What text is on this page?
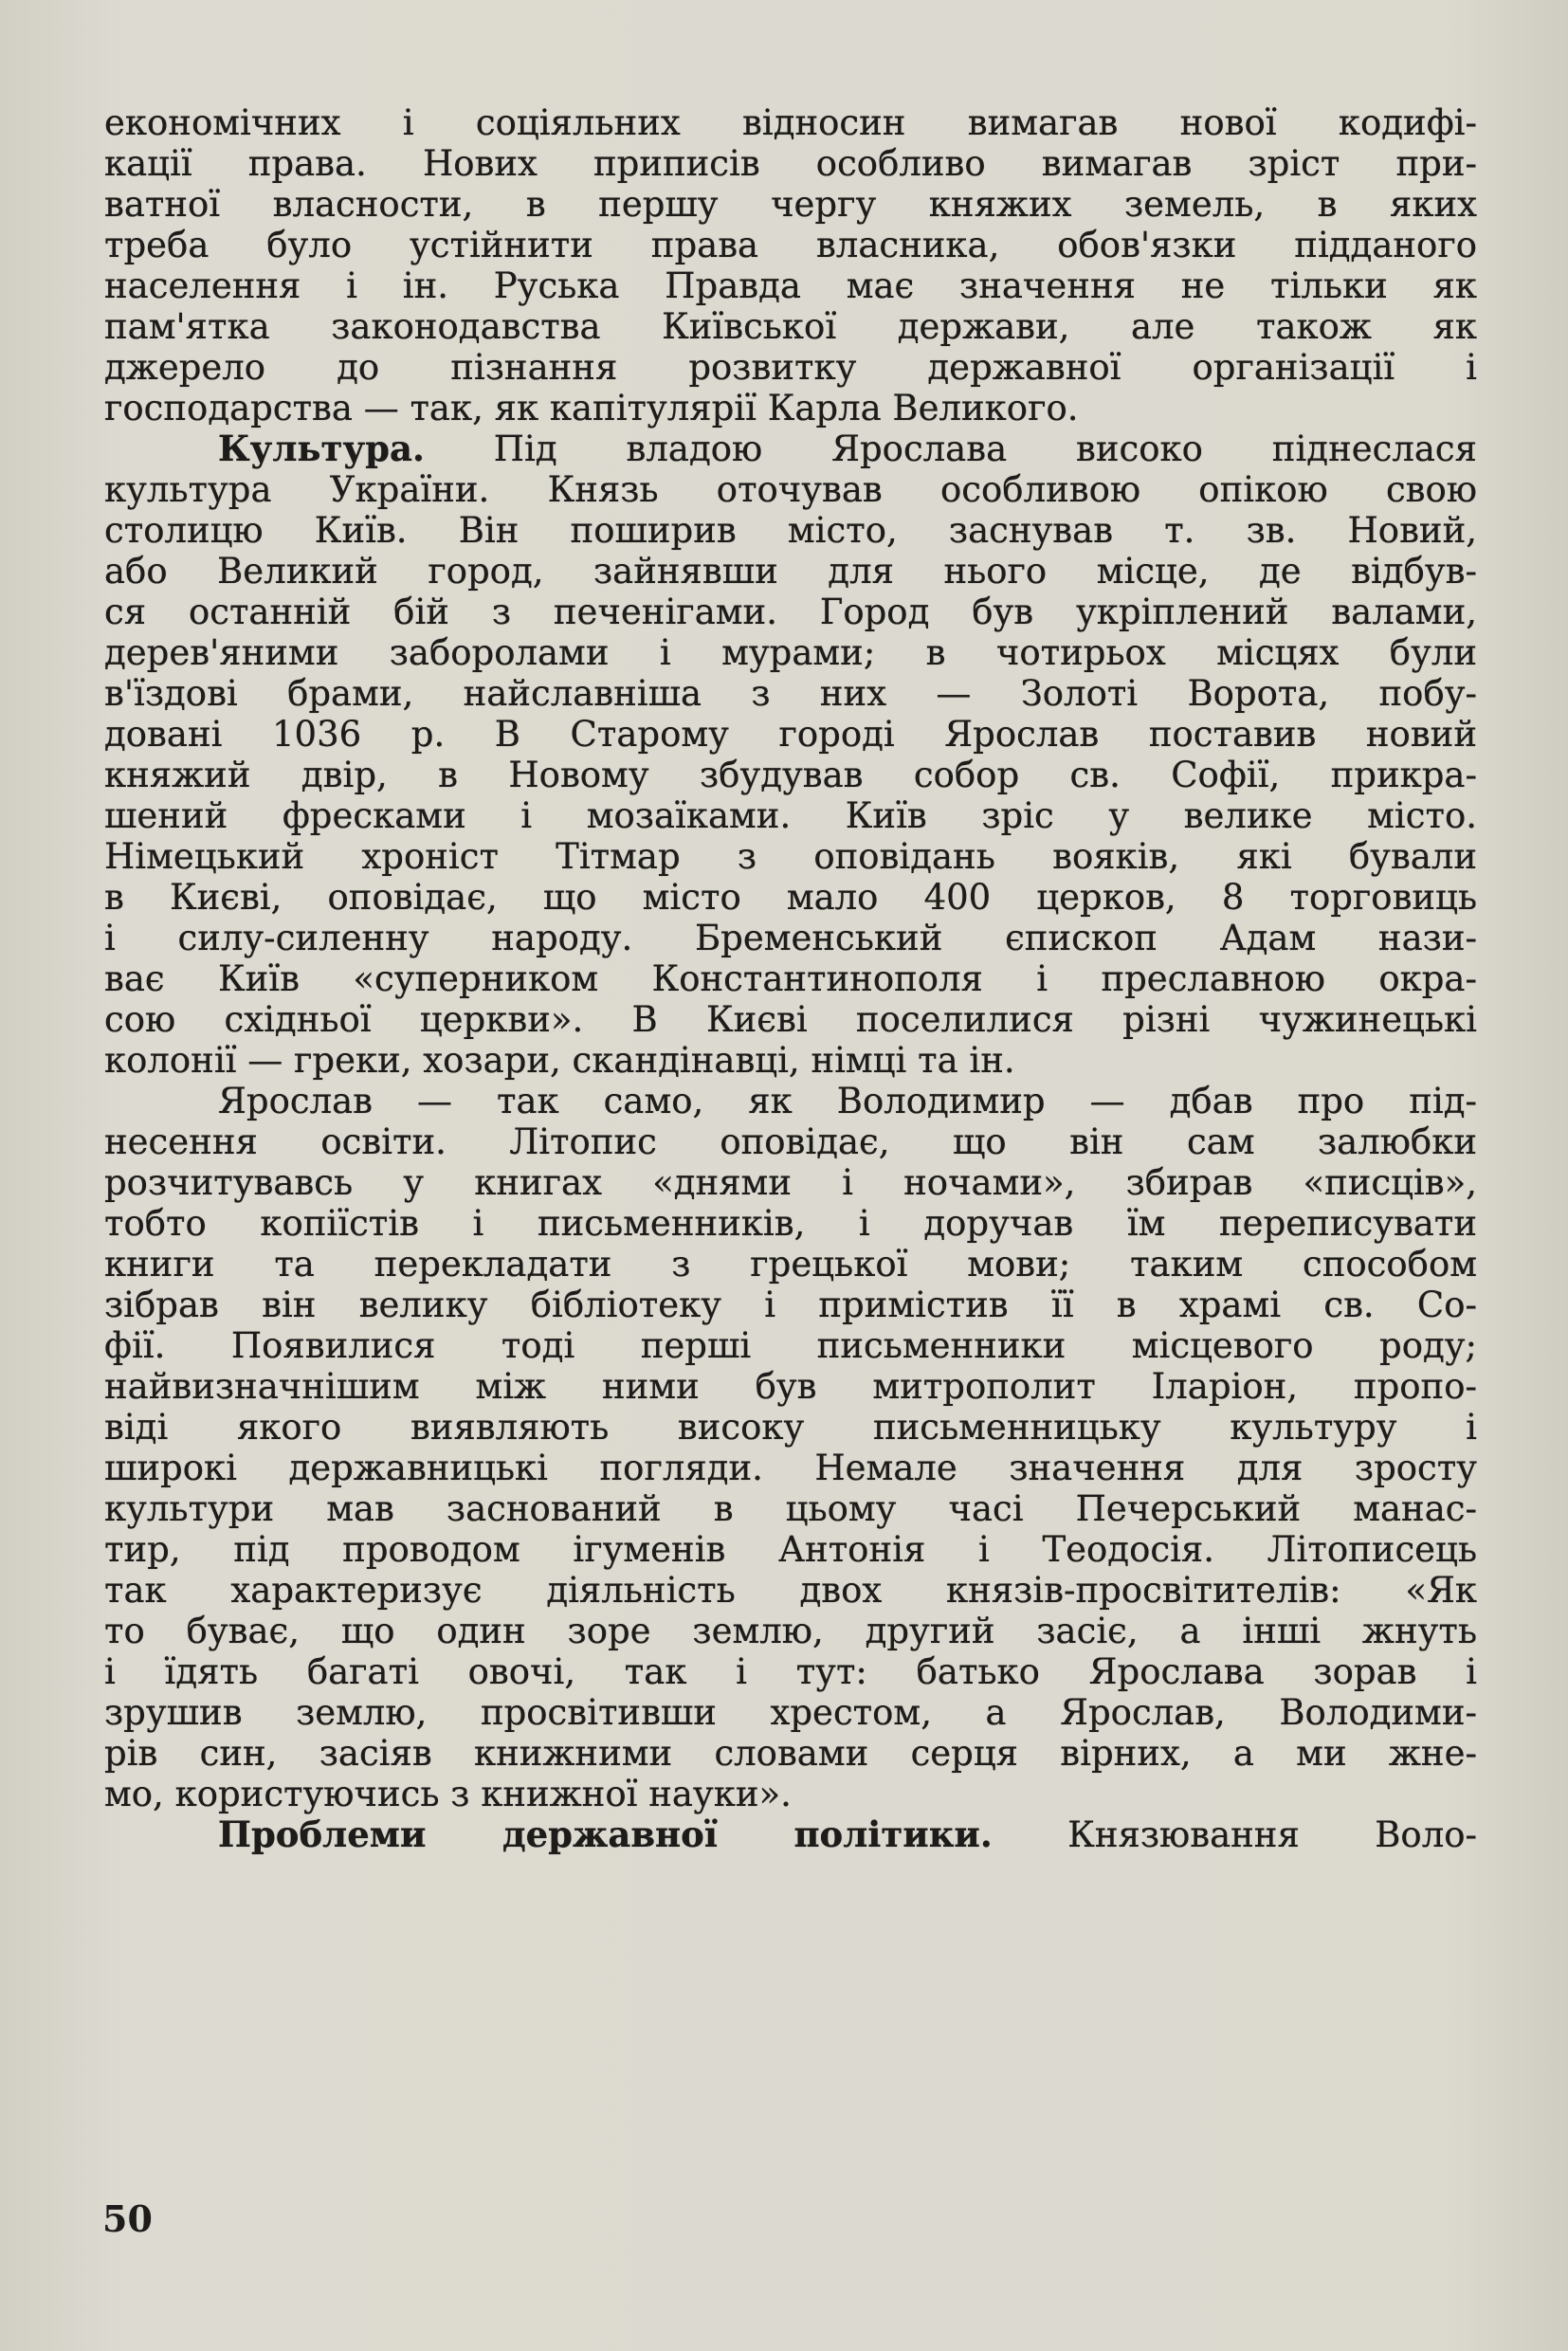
економічних і соціяльних відносин вимагав нової кодифі-
кації права. Нових приписів особливо вимагав зріст при-
ватної власности, в першу чергу княжих земель, в яких
треба було устійнити права власника, обов'язки підданого
населення і ін. Руська Правда має значення не тільки як
пам'ятка законодавства Київської держави, але також як
джерело до пізнання розвитку державної організації і
господарства — так, як капітулярії Карла Великого.
Культура. Під владою Ярослава високо піднеслася
культура України. Князь оточував особливою опікою свою
столицю Київ. Він поширив місто, заснував т. зв. Новий,
або Великий город, зайнявши для нього місце, де відбув-
ся останній бій з печенігами. Город був укріплений валами,
дерев'яними заборолами і мурами; в чотирьох місцях були
в'їздові брами, найславніша з них — Золоті Ворота, побу-
довані 1036 р. В Старому городі Ярослав поставив новий
княжий двір, в Новому збудував собор св. Софії, прикра-
шений фресками і мозаїками. Київ зріс у велике місто.
Німецький хроніст Тітмар з оповідань вояків, які бували
в Києві, оповідає, що місто мало 400 церков, 8 торговиць
і силу-силенну народу. Бременський єпископ Адам нази-
ває Київ «суперником Константинополя і преславною окра-
сою східньої церкви». В Києві поселилися різні чужинецькі
колонії — греки, хозари, скандінавці, німці та ін.
Ярослав — так само, як Володимир — дбав про під-
несення освіти. Літопис оповідає, що він сам залюбки
розчитувавсь у книгах «днями і ночами», збирав «писців»,
тобто копіїстів і письменників, і доручав їм переписувати
книги та перекладати з грецької мови; таким способом
зібрав він велику бібліотеку і примістив її в храмі св. Со-
фії. Появилися тоді перші письменники місцевого роду;
найвизначнішим між ними був митрополит Іларіон, пропо-
віді якого виявляють високу письменницьку культуру і
широкі державницькі погляди. Немале значення для зросту
культури мав заснований в цьому часі Печерський манас-
тир, під проводом ігуменів Антонія і Теодосія. Літописець
так характеризує діяльність двох князів-просвітителів: «Як
то буває, що один зоре землю, другий засіє, а інші жнуть
і їдять багаті овочі, так і тут: батько Ярослава зорав і
зрушив землю, просвітивши хрестом, а Ярослав, Володими-
рів син, засіяв книжними словами серця вірних, а ми жне-
мо, користуючись з книжної науки».
Проблеми державної політики. Князювання Воло-
50
